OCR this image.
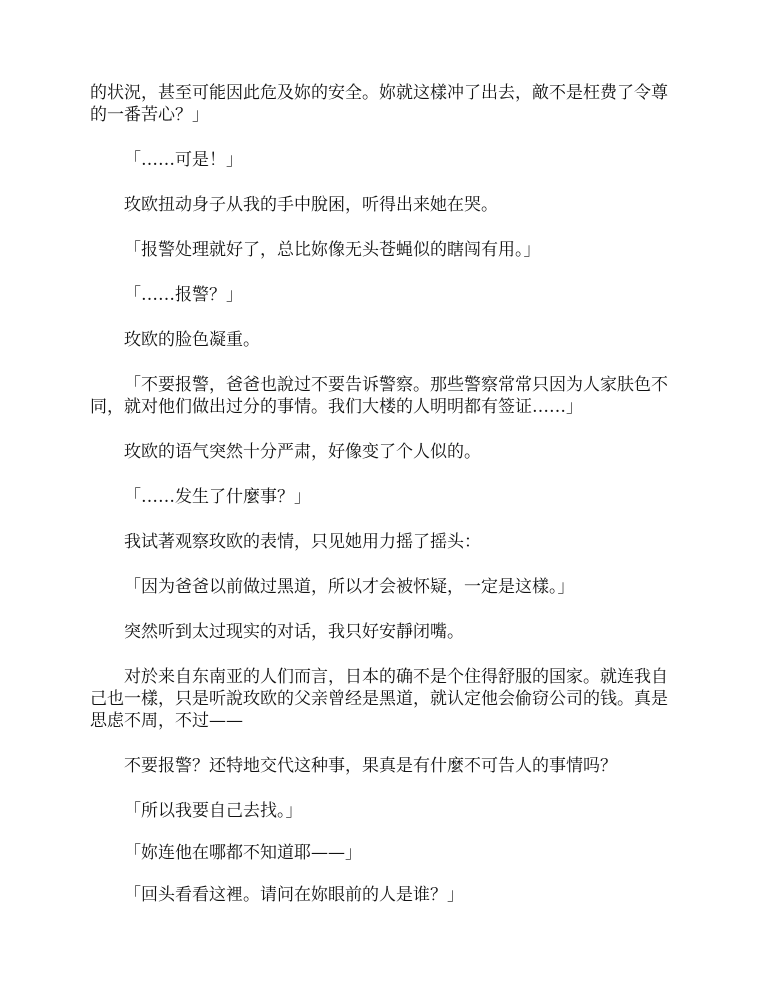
的状況，甚至可能因此危及妳的安全。妳就这樣冲了出去，敵不是枉费了令尊的一番苦心？」

「……可是！」

玫欧扭动身子从我的手中脫困，听得出来她在哭。

「报警处理就好了，总比妳像无头苍蝇似的瞎闯有用。」

「……报警？」

玫欧的脸色凝重。

「不要报警，爸爸也說过不要告诉警察。那些警察常常只因为人家肤色不同，就对他们做出过分的事情。我们大楼的人明明都有签证……」

玫欧的语气突然十分严肃，好像变了个人似的。

「……发生了什麼事？」

我试著观察玫欧的表情，只见她用力摇了摇头：

「因为爸爸以前做过黑道，所以才会被怀疑，一定是这樣。」

突然听到太过现实的对话，我只好安靜闭嘴。

对於来自东南亚的人们而言，日本的确不是个住得舒服的国家。就连我自己也一樣，只是听說玫欧的父亲曾经是黑道，就认定他会偷窃公司的钱。真是思虑不周，不过——

不要报警？还特地交代这种事，果真是有什麼不可告人的事情吗？

「所以我要自己去找。」

「妳连他在哪都不知道耶——」

「回头看看这裡。请问在妳眼前的人是谁？」
